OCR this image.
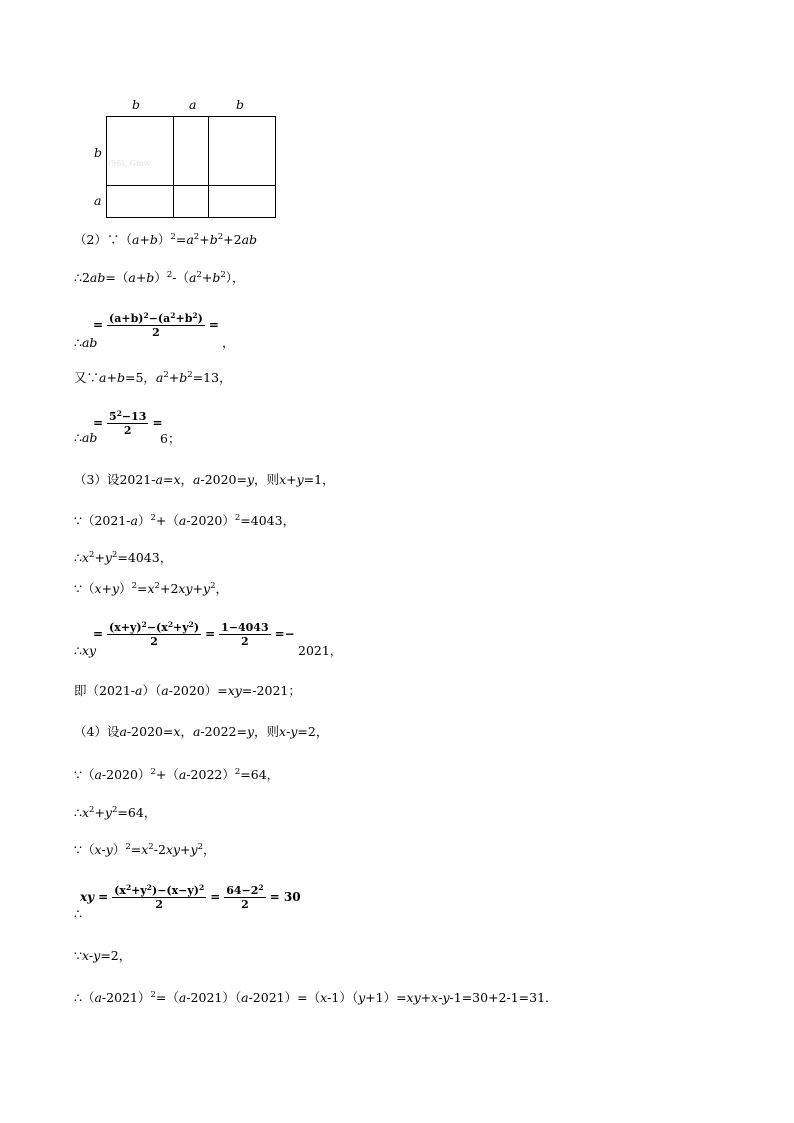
b	a	b
b
a
(98), Gmw
$(2)\because(a+b)^2=a^2+b^2+2ab$
$\therefore 2ab=(a+b)^2-(a^2+b^2)$，
∴ab
= $\frac{(a+b)^2-(a^2+b^2)}{2}$ =
，
又∵a+b=5，$a^2+b^2=13$，
∴ab
= $\frac{5^2-13}{2}$ =
6；
（3）设2021-a=x，a-2020=y，则x+y=1，
$\because(2021-a)^2+(a-2020)^2=4043$，
$\therefore x^2+y^2=4043$，
$\because(x+y)^2=x^2+2xy+y^2$，
∴xy
= $\frac{(x+y)^2-(x^2+y^2)}{2} = \frac{1-4043}{2}$ =−
2021，
即（2021-a）（a-2020）=xy=-2021；
（4）设a-2020=x，a-2022=y，则x-y=2，
$\because(a-2020)^2+(a-2022)^2=64$，
$\therefore x^2+y^2=64$，
$\because(x-y)^2=x^2-2xy+y^2$，
xy = $\frac{(x^2+y^2)-(x-y)^2}{2} = \frac{64-2^2}{2} = 30$
∴
∵x-y=2，
$\therefore(a-2021)^2=(a-2021)(a-2021)=(x-1)(y+1)=xy+x-y-1=30+2-1=31$．
